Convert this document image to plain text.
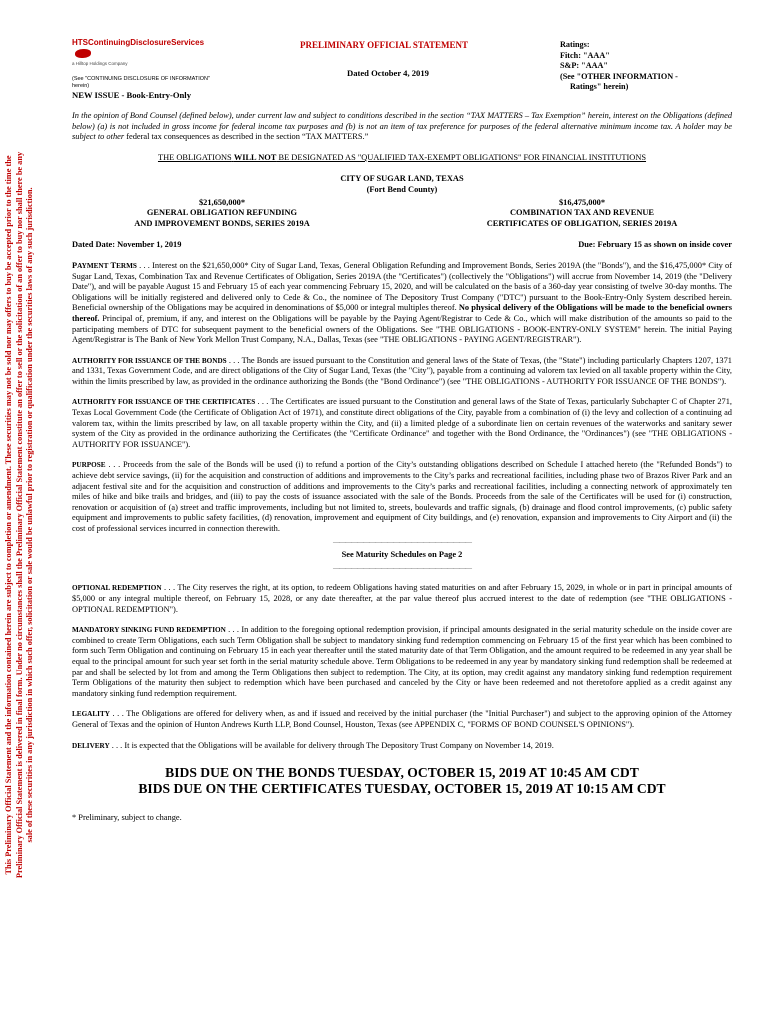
This Preliminary Official Statement and the information contained herein are subject to completion or amendment. These securities may not be sold nor may offers to buy be accepted prior to the time the Preliminary Official Statement is delivered in final form. Under no circumstances shall the Preliminary Official Statement constitute an offer to sell or the solicitation of an offer to buy nor shall there be any sale of these securities in any jurisdiction in which such offer, solicitation or sale would be unlawful prior to registration or qualification under the securities laws of any such jurisdiction.
HTSContinuingDisclosureServices
a Hilltop Holdings Company
(See "CONTINUING DISCLOSURE OF INFORMATION" herein)
PRELIMINARY OFFICIAL STATEMENT
Dated October 4, 2019
Ratings:
Fitch: "AAA"
S&P: "AAA"
(See "OTHER INFORMATION -
Ratings" herein)
NEW ISSUE - Book-Entry-Only

In the opinion of Bond Counsel (defined below), under current law and subject to conditions described in the section “TAX MATTERS – Tax Exemption” herein, interest on the Obligations (defined below) (a) is not included in gross income for federal income tax purposes and (b) is not an item of tax preference for purposes of the federal alternative minimum income tax. A holder may be subject to other federal tax consequences as described in the section “TAX MATTERS.”

THE OBLIGATIONS WILL NOT BE DESIGNATED AS "QUALIFIED TAX-EXEMPT OBLIGATIONS" FOR FINANCIAL INSTITUTIONS
CITY OF SUGAR LAND, TEXAS
(Fort Bend County)
$21,650,000*
GENERAL OBLIGATION REFUNDING
AND IMPROVEMENT BONDS, SERIES 2019A
$16,475,000*
COMBINATION TAX AND REVENUE
CERTIFICATES OF OBLIGATION, SERIES 2019A
Dated Date: November 1, 2019	Due: February 15 as shown on inside cover
PAYMENT TERMS . . . Interest on the $21,650,000* City of Sugar Land, Texas, General Obligation Refunding and Improvement Bonds, Series 2019A (the "Bonds"), and the $16,475,000* City of Sugar Land, Texas, Combination Tax and Revenue Certificates of Obligation, Series 2019A (the "Certificates") (collectively the "Obligations") will accrue from November 14, 2019 (the "Delivery Date"), and will be payable August 15 and February 15 of each year commencing February 15, 2020, and will be calculated on the basis of a 360-day year consisting of twelve 30-day months. The Obligations will be initially registered and delivered only to Cede & Co., the nominee of The Depository Trust Company ("DTC") pursuant to the Book-Entry-Only System described herein. Beneficial ownership of the Obligations may be acquired in denominations of $5,000 or integral multiples thereof. No physical delivery of the Obligations will be made to the beneficial owners thereof. Principal of, premium, if any, and interest on the Obligations will be payable by the Paying Agent/Registrar to Cede & Co., which will make distribution of the amounts so paid to the participating members of DTC for subsequent payment to the beneficial owners of the Obligations. See "THE OBLIGATIONS - BOOK-ENTRY-ONLY SYSTEM" herein. The initial Paying Agent/Registrar is The Bank of New York Mellon Trust Company, N.A., Dallas, Texas (see "THE OBLIGATIONS - PAYING AGENT/REGISTRAR").
AUTHORITY FOR ISSUANCE OF THE BONDS . . . The Bonds are issued pursuant to the Constitution and general laws of the State of Texas, (the "State") including particularly Chapters 1207, 1371 and 1331, Texas Government Code, and are direct obligations of the City of Sugar Land, Texas (the "City"), payable from a continuing ad valorem tax levied on all taxable property within the City, within the limits prescribed by law, as provided in the ordinance authorizing the Bonds (the "Bond Ordinance") (see "THE OBLIGATIONS - AUTHORITY FOR ISSUANCE OF THE BONDS").
AUTHORITY FOR ISSUANCE OF THE CERTIFICATES . . . The Certificates are issued pursuant to the Constitution and general laws of the State of Texas, particularly Subchapter C of Chapter 271, Texas Local Government Code (the Certificate of Obligation Act of 1971), and constitute direct obligations of the City, payable from a combination of (i) the levy and collection of a continuing ad valorem tax, within the limits prescribed by law, on all taxable property within the City, and (ii) a limited pledge of a subordinate lien on certain revenues of the waterworks and sanitary sewer system of the City as provided in the ordinance authorizing the Certificates (the "Certificate Ordinance" and together with the Bond Ordinance, the "Ordinances") (see "THE OBLIGATIONS - AUTHORITY FOR ISSUANCE").
PURPOSE . . . Proceeds from the sale of the Bonds will be used (i) to refund a portion of the City’s outstanding obligations described on Schedule I attached hereto (the "Refunded Bonds") to achieve debt service savings, (ii) for the acquisition and construction of additions and improvements to the City’s parks and recreational facilities, including phase two of Brazos River Park and an adjacent festival site and for the acquisition and construction of additions and improvements to the City’s parks and recreational facilities, including a connecting network of approximately ten miles of hike and bike trails and bridges, and (iii) to pay the costs of issuance associated with the sale of the Bonds. Proceeds from the sale of the Certificates will be used for (i) construction, renovation or acquisition of (a) street and traffic improvements, including but not limited to, streets, boulevards and traffic signals, (b) drainage and flood control improvements, (c) public safety equipment and improvements to public safety facilities, (d) renovation, improvement and equipment of City buildings, and (e) renovation, expansion and improvements to City Airport and (ii) the cost of professional services incurred in connection therewith.
———————————————————————
See Maturity Schedules on Page 2
———————————————————————
OPTIONAL REDEMPTION . . . The City reserves the right, at its option, to redeem Obligations having stated maturities on and after February 15, 2029, in whole or in part in principal amounts of $5,000 or any integral multiple thereof, on February 15, 2028, or any date thereafter, at the par value thereof plus accrued interest to the date of redemption (see "THE OBLIGATIONS - OPTIONAL REDEMPTION").
MANDATORY SINKING FUND REDEMPTION . . . In addition to the foregoing optional redemption provision, if principal amounts designated in the serial maturity schedule on the inside cover are combined to create Term Obligations, each such Term Obligation shall be subject to mandatory sinking fund redemption commencing on February 15 of the first year which has been combined to form such Term Obligation and continuing on February 15 in each year thereafter until the stated maturity date of that Term Obligation, and the amount required to be redeemed in any year shall be equal to the principal amount for such year set forth in the serial maturity schedule above. Term Obligations to be redeemed in any year by mandatory sinking fund redemption shall be redeemed at par and shall be selected by lot from and among the Term Obligations then subject to redemption. The City, at its option, may credit against any mandatory sinking fund redemption requirement Term Obligations of the maturity then subject to redemption which have been purchased and canceled by the City or have been redeemed and not theretofore applied as a credit against any mandatory sinking fund redemption requirement.
LEGALITY . . . The Obligations are offered for delivery when, as and if issued and received by the initial purchaser (the "Initial Purchaser") and subject to the approving opinion of the Attorney General of Texas and the opinion of Hunton Andrews Kurth LLP, Bond Counsel, Houston, Texas (see APPENDIX C, "FORMS OF BOND COUNSEL'S OPINIONS").
DELIVERY . . . It is expected that the Obligations will be available for delivery through The Depository Trust Company on November 14, 2019.
BIDS DUE ON THE BONDS TUESDAY, OCTOBER 15, 2019 AT 10:45 AM CDT
BIDS DUE ON THE CERTIFICATES TUESDAY, OCTOBER 15, 2019 AT 10:15 AM CDT
* Preliminary, subject to change.
